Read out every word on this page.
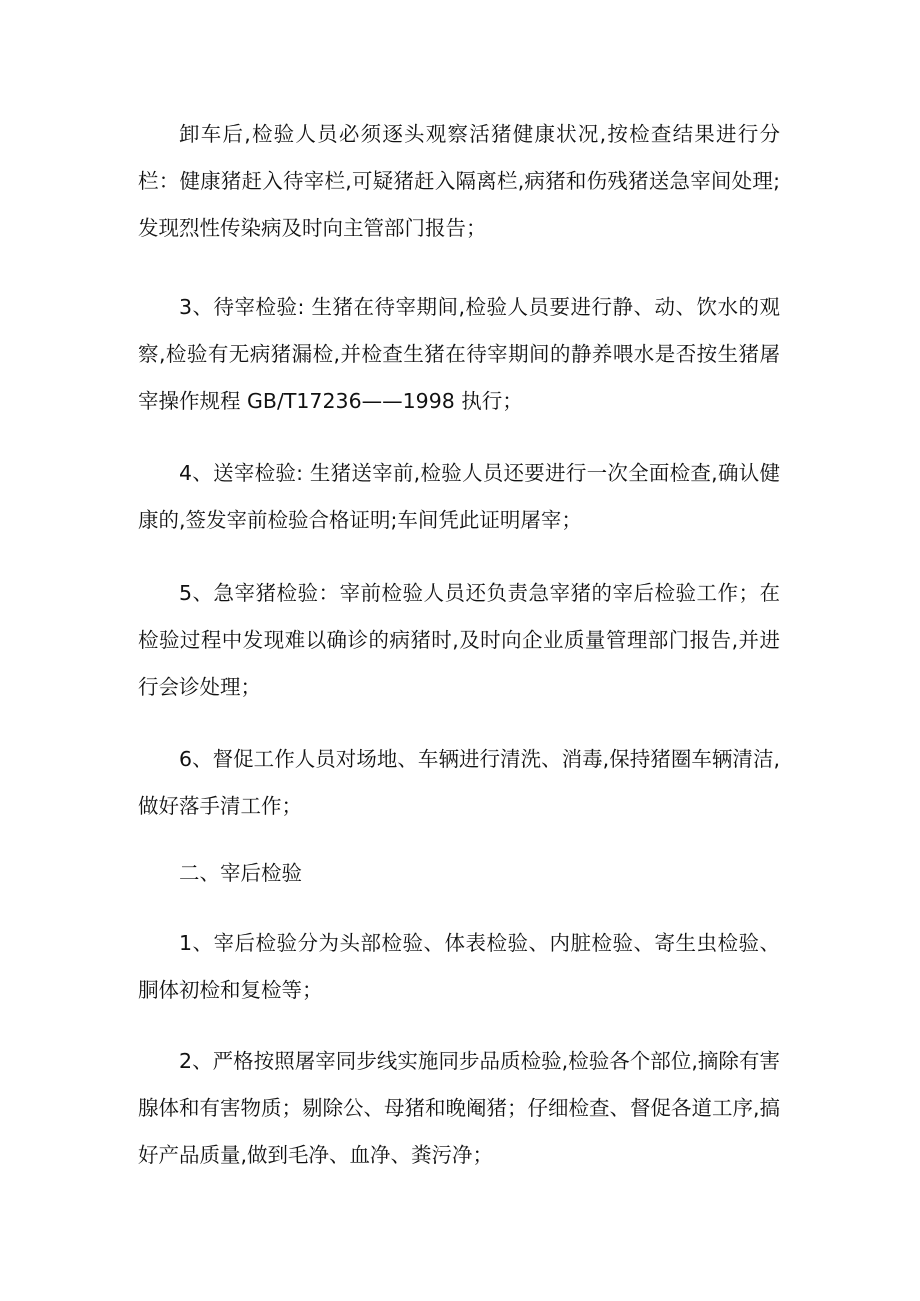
卸车后,检验人员必须逐头观察活猪健康状况,按检查结果进行分栏：健康猪赶入待宰栏,可疑猪赶入隔离栏,病猪和伤残猪送急宰间处理;发现烈性传染病及时向主管部门报告；

3、待宰检验: 生猪在待宰期间,检验人员要进行静、动、饮水的观察,检验有无病猪漏检,并检查生猪在待宰期间的静养喂水是否按生猪屠宰操作规程 GB/T17236——1998 执行；

4、送宰检验: 生猪送宰前,检验人员还要进行一次全面检查,确认健康的,签发宰前检验合格证明;车间凭此证明屠宰；

5、急宰猪检验：宰前检验人员还负责急宰猪的宰后检验工作；在检验过程中发现难以确诊的病猪时,及时向企业质量管理部门报告,并进行会诊处理；

6、督促工作人员对场地、车辆进行清洗、消毒,保持猪圈车辆清洁,做好落手清工作；

二、宰后检验

1、宰后检验分为头部检验、体表检验、内脏检验、寄生虫检验、胴体初检和复检等；

2、严格按照屠宰同步线实施同步品质检验,检验各个部位,摘除有害腺体和有害物质；剔除公、母猪和晚阉猪；仔细检查、督促各道工序,搞好产品质量,做到毛净、血净、粪污净；
